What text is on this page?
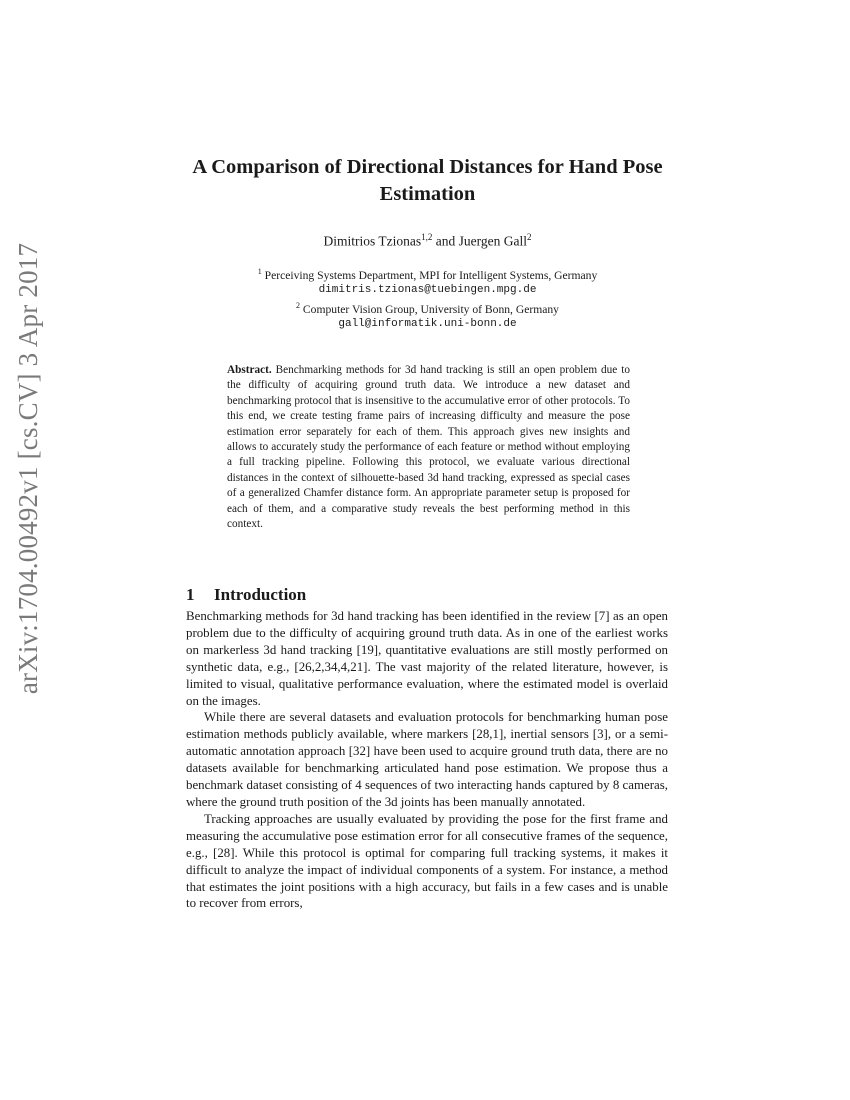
arXiv:1704.00492v1 [cs.CV] 3 Apr 2017
A Comparison of Directional Distances for Hand Pose Estimation
Dimitrios Tzionas$^{1,2}$ and Juergen Gall$^2$
$^1$ Perceiving Systems Department, MPI for Intelligent Systems, Germany
dimitris.tzionas@tuebingen.mpg.de
$^2$ Computer Vision Group, University of Bonn, Germany
gall@informatik.uni-bonn.de
Abstract. Benchmarking methods for 3d hand tracking is still an open problem due to the difficulty of acquiring ground truth data. We introduce a new dataset and benchmarking protocol that is insensitive to the accumulative error of other protocols. To this end, we create testing frame pairs of increasing difficulty and measure the pose estimation error separately for each of them. This approach gives new insights and allows to accurately study the performance of each feature or method without employing a full tracking pipeline. Following this protocol, we evaluate various directional distances in the context of silhouette-based 3d hand tracking, expressed as special cases of a generalized Chamfer distance form. An appropriate parameter setup is proposed for each of them, and a comparative study reveals the best performing method in this context.
1 Introduction

Benchmarking methods for 3d hand tracking has been identified in the review [7] as an open problem due to the difficulty of acquiring ground truth data. As in one of the earliest works on markerless 3d hand tracking [19], quantitative evaluations are still mostly performed on synthetic data, e.g., [26,2,34,4,21]. The vast majority of the related literature, however, is limited to visual, qualitative performance evaluation, where the estimated model is overlaid on the images.

While there are several datasets and evaluation protocols for benchmarking human pose estimation methods publicly available, where markers [28,1], inertial sensors [3], or a semi-automatic annotation approach [32] have been used to acquire ground truth data, there are no datasets available for benchmarking articulated hand pose estimation. We propose thus a benchmark dataset consisting of 4 sequences of two interacting hands captured by 8 cameras, where the ground truth position of the 3d joints has been manually annotated.

Tracking approaches are usually evaluated by providing the pose for the first frame and measuring the accumulative pose estimation error for all consecutive frames of the sequence, e.g., [28]. While this protocol is optimal for comparing full tracking systems, it makes it difficult to analyze the impact of individual components of a system. For instance, a method that estimates the joint positions with a high accuracy, but fails in a few cases and is unable to recover from errors,
